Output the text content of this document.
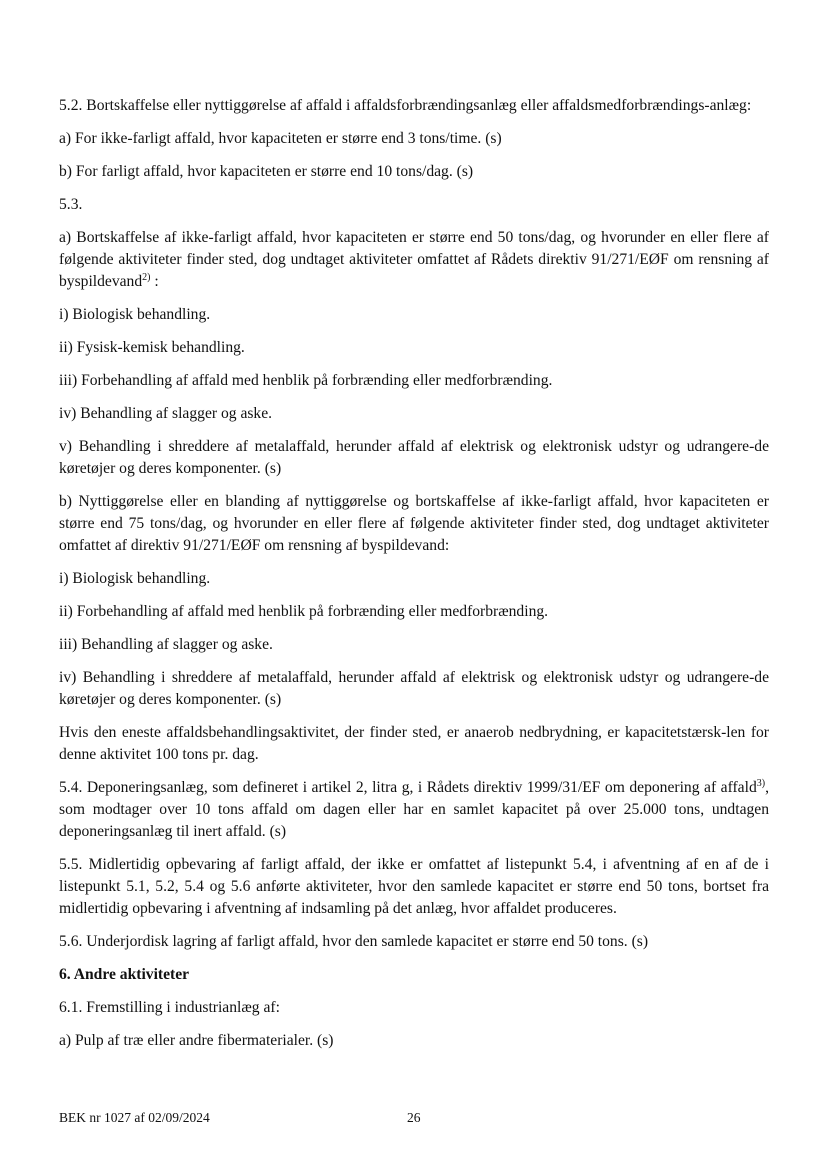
5.2. Bortskaffelse eller nyttiggørelse af affald i affaldsforbrændingsanlæg eller affaldsmedforbrændings-anlæg:

a) For ikke-farligt affald, hvor kapaciteten er større end 3 tons/time. (s)

b) For farligt affald, hvor kapaciteten er større end 10 tons/dag. (s)

5.3.

a) Bortskaffelse af ikke-farligt affald, hvor kapaciteten er større end 50 tons/dag, og hvorunder en eller flere af følgende aktiviteter finder sted, dog undtaget aktiviteter omfattet af Rådets direktiv 91/271/EØF om rensning af byspildevand$^{2)}$ :

i) Biologisk behandling.

ii) Fysisk-kemisk behandling.

iii) Forbehandling af affald med henblik på forbrænding eller medforbrænding.

iv) Behandling af slagger og aske.

v) Behandling i shreddere af metalaffald, herunder affald af elektrisk og elektronisk udstyr og udrangere-de køretøjer og deres komponenter. (s)

b) Nyttiggørelse eller en blanding af nyttiggørelse og bortskaffelse af ikke-farligt affald, hvor kapaciteten er større end 75 tons/dag, og hvorunder en eller flere af følgende aktiviteter finder sted, dog undtaget aktiviteter omfattet af direktiv 91/271/EØF om rensning af byspildevand:

i) Biologisk behandling.

ii) Forbehandling af affald med henblik på forbrænding eller medforbrænding.

iii) Behandling af slagger og aske.

iv) Behandling i shreddere af metalaffald, herunder affald af elektrisk og elektronisk udstyr og udrangere-de køretøjer og deres komponenter. (s)

Hvis den eneste affaldsbehandlingsaktivitet, der finder sted, er anaerob nedbrydning, er kapacitetstærsk-len for denne aktivitet 100 tons pr. dag.

5.4. Deponeringsanlæg, som defineret i artikel 2, litra g, i Rådets direktiv 1999/31/EF om deponering af affald$^{3)}$, som modtager over 10 tons affald om dagen eller har en samlet kapacitet på over 25.000 tons, undtagen deponeringsanlæg til inert affald. (s)

5.5. Midlertidig opbevaring af farligt affald, der ikke er omfattet af listepunkt 5.4, i afventning af en af de i listepunkt 5.1, 5.2, 5.4 og 5.6 anførte aktiviteter, hvor den samlede kapacitet er større end 50 tons, bortset fra midlertidig opbevaring i afventning af indsamling på det anlæg, hvor affaldet produceres.

5.6. Underjordisk lagring af farligt affald, hvor den samlede kapacitet er større end 50 tons. (s)

6. Andre aktiviteter

6.1. Fremstilling i industrianlæg af:

a) Pulp af træ eller andre fibermaterialer. (s)

BEK nr 1027 af 02/09/2024	26
